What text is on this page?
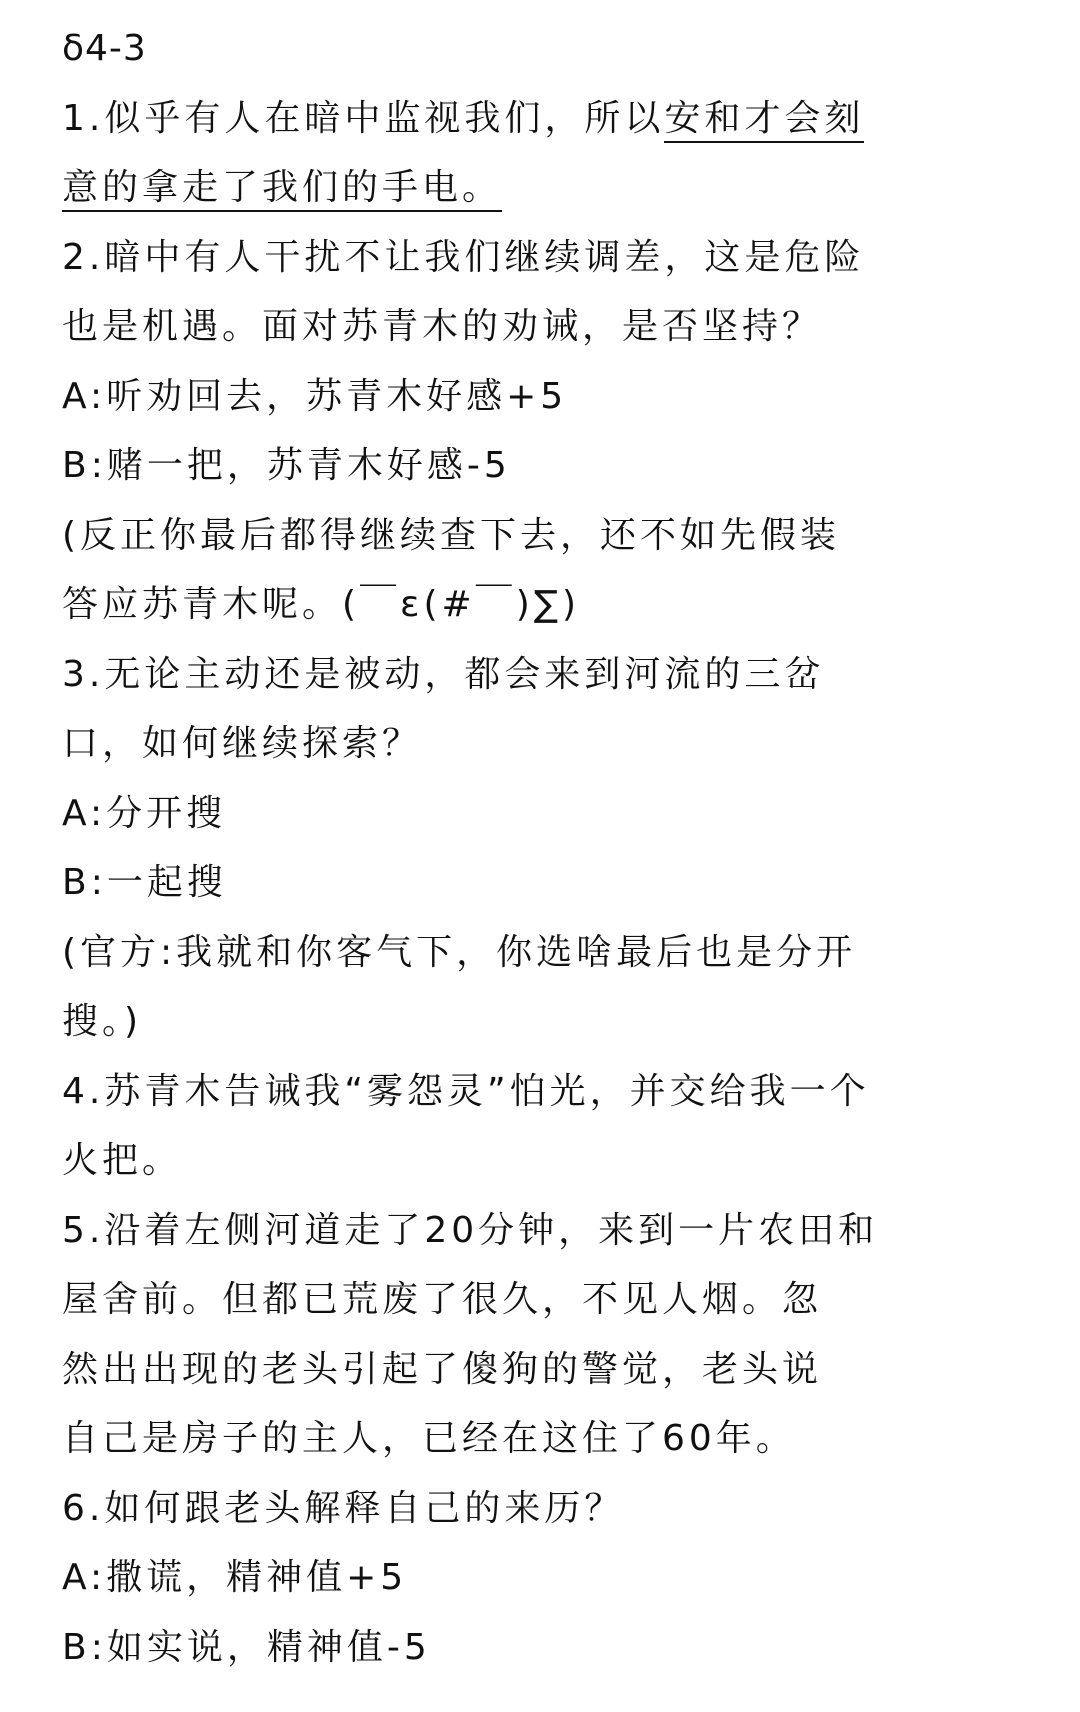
δ4-3
1.似乎有人在暗中监视我们，所以安和才会刻
意的拿走了我们的手电。
2.暗中有人干扰不让我们继续调差，这是危险
也是机遇。面对苏青木的劝诫，是否坚持？
A:听劝回去，苏青木好感+5
B:赌一把，苏青木好感-5
(反正你最后都得继续查下去，还不如先假装
答应苏青木呢。(￣ε(#￣)∑)
3.无论主动还是被动，都会来到河流的三岔
口，如何继续探索？
A:分开搜
B:一起搜
(官方:我就和你客气下，你选啥最后也是分开
搜。)
4.苏青木告诫我“雾怨灵”怕光，并交给我一个
火把。
5.沿着左侧河道走了20分钟，来到一片农田和
屋舍前。但都已荒废了很久，不见人烟。忽
然出出现的老头引起了傻狗的警觉，老头说
自己是房子的主人，已经在这住了60年。
6.如何跟老头解释自己的来历？
A:撒谎，精神值+5
B:如实说，精神值-5
